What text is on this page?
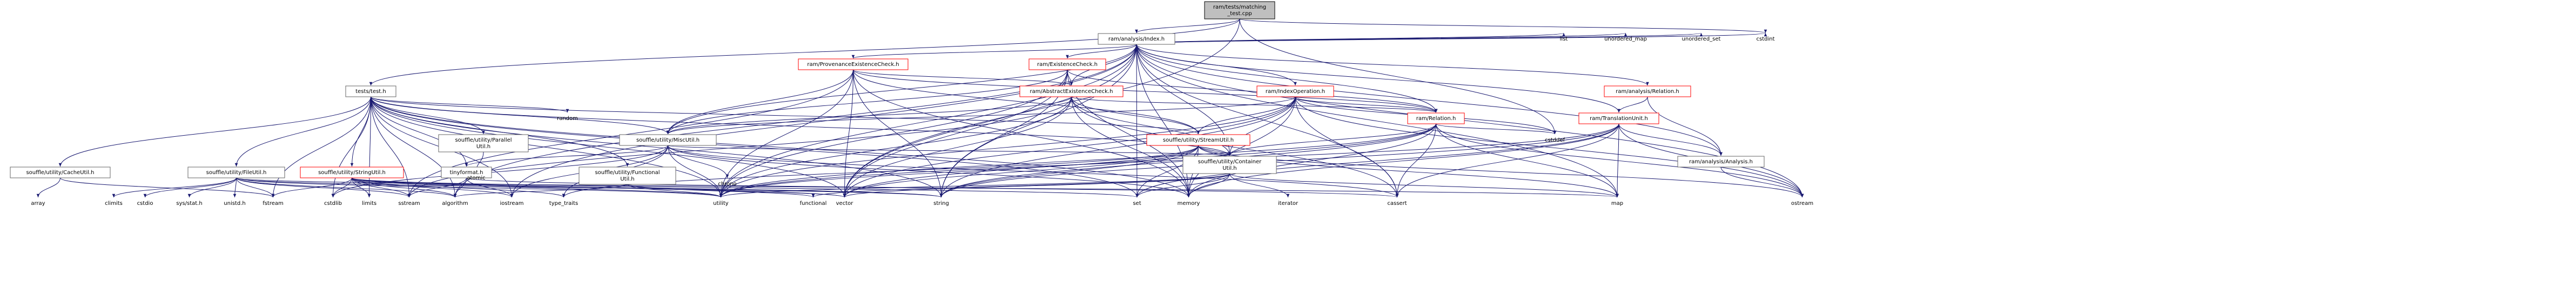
ram/tests/matching
_test.cpp
ram/analysis/Index.h
tests/test.h
ram/ProvenanceExistenceCheck.h	ram/ExistenceCheck.h
ram/AbstractExistenceCheck.h	ram/IndexOperation.h
ram/Relation.h
ram/analysis/Relation.h
ram/TranslationUnit.h
ram/analysis/Analysis.h
souffle/utility/MiscUtil.h	souffle/utility/StreamUtil.h
souffle/utility/Container
Util.h
souffle/utility/Parallel
Util.h
souffle/utility/CacheUtil.h	souffle/utility/FileUtil.h	souffle/utility/StringUtil.h	tinyformat.h	souffle/utility/Functional
Util.h
list	unordered_map	unordered_set	cstdint
random
atomic
chrono
cstddef
iterator
array	climits	cstdio	sys/stat.h	unistd.h	fstream	cstdlib	limits	sstream	algorithm	iostream	type_traits	utility	functional vector	string	set	memory	cassert	map	ostream
